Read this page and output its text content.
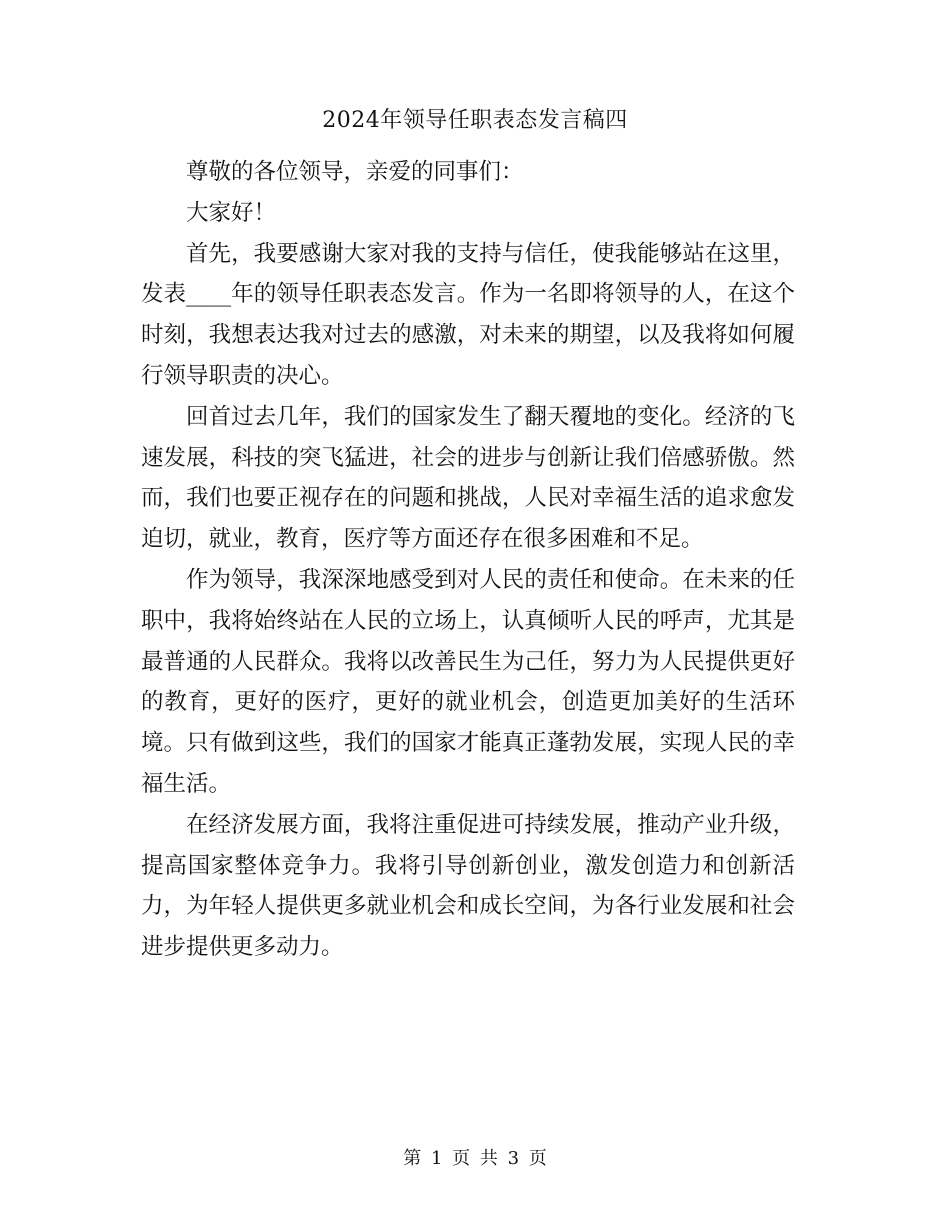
2024年领导任职表态发言稿四

尊敬的各位领导，亲爱的同事们：

大家好！

首先，我要感谢大家对我的支持与信任，使我能够站在这里，发表____年的领导任职表态发言。作为一名即将领导的人，在这个时刻，我想表达我对过去的感激，对未来的期望，以及我将如何履行领导职责的决心。

回首过去几年，我们的国家发生了翻天覆地的变化。经济的飞速发展，科技的突飞猛进，社会的进步与创新让我们倍感骄傲。然而，我们也要正视存在的问题和挑战，人民对幸福生活的追求愈发迫切，就业，教育，医疗等方面还存在很多困难和不足。

作为领导，我深深地感受到对人民的责任和使命。在未来的任职中，我将始终站在人民的立场上，认真倾听人民的呼声，尤其是最普通的人民群众。我将以改善民生为己任，努力为人民提供更好的教育，更好的医疗，更好的就业机会，创造更加美好的生活环境。只有做到这些，我们的国家才能真正蓬勃发展，实现人民的幸福生活。

在经济发展方面，我将注重促进可持续发展，推动产业升级，提高国家整体竞争力。我将引导创新创业，激发创造力和创新活力，为年轻人提供更多就业机会和成长空间，为各行业发展和社会进步提供更多动力。

第 1 页 共 3 页
